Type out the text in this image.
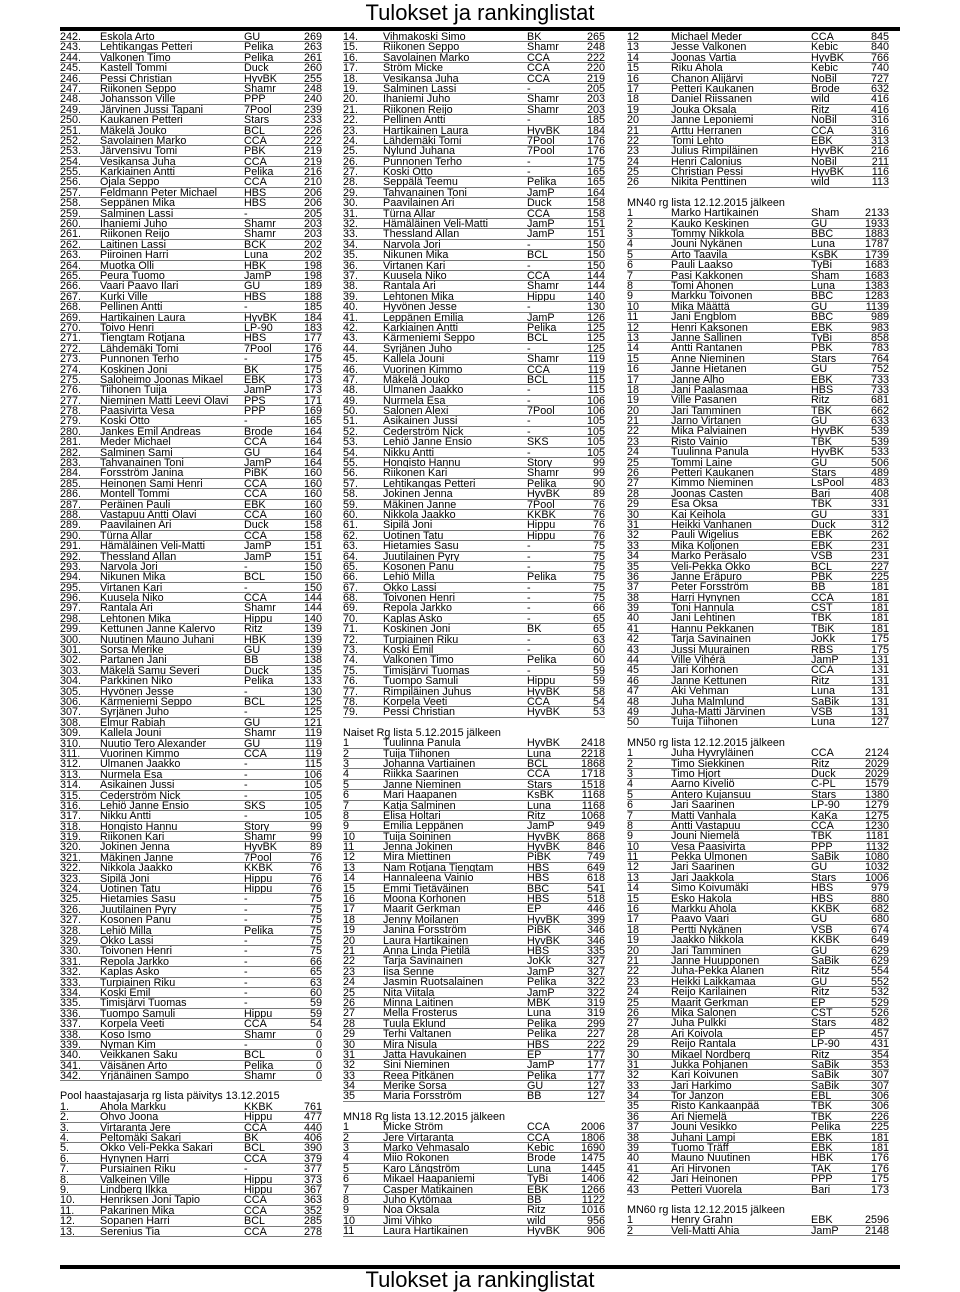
Tulokset ja rankinglistat
242.	Eskola Arto	GU	269
243.	Lehtikangas Petteri	Pelika	263
244.	Valkonen Timo	Pelika	261
245.	Kastell Tommi	Duck	260
246.	Pessi Christian	HyvBK	255
247.	Riikonen Seppo	Shamr	248
248.	Johansson Ville	PPP	240
249.	Järvinen Jussi Tapani	7Pool	239
250.	Kaukanen Petteri	Stars	233
251.	Mäkelä Jouko	BCL	226
252.	Savolainen Marko	CCA	222
253.	Järvensivu Tomi	PBK	219
254.	Vesikansa Juha	CCA	219
255.	Karkiainen Antti	Pelika	216
256.	Ojala Seppo	CCA	210
257.	Feldmann Peter Michael	HBS	206
258.	Seppänen Mika	HBS	206
259.	Salminen Lassi	-	205
260.	Ihaniemi Juho	Shamr	203
261.	Riikonen Reijo	Shamr	203
262.	Laitinen Lassi	BCK	202
263.	Piiroinen Harri	Luna	202
264.	Muotka Olli	HBK	198
265.	Peura Tuomo	JamP	198
266.	Vaari Paavo Ilari	GU	189
267.	Kurki Ville	HBS	188
268.	Pellinen Antti	-	185
269.	Hartikainen Laura	HyvBK	184
270.	Toivo Henri	LP-90	183
271.	Tiengtam Rotjana	HBS	177
272.	Lähdemäki Tomi	7Pool	176
273.	Punnonen Terho	-	175
274.	Koskinen Joni	BK	175
275.	Saloheimo Joonas Mikael	EBK	173
276.	Tiihonen Tuija	JamP	173
277.	Nieminen Matti Leevi Olavi	PPS	171
278.	Paasivirta Vesa	PPP	169
279.	Koski Otto	-	165
280.	Jankes Emil Andreas	Brode	164
281.	Meder Michael	CCA	164
282.	Salminen Sami	GU	164
283.	Tahvanainen Toni	JamP	164
284.	Forsström Janina	PiBK	160
285.	Heinonen Sami Henri	CCA	160
286.	Montell Tommi	CCA	160
287.	Peräinen Pauli	EBK	160
288.	Vastapuu Antti Olavi	CCA	160
289.	Paavilainen Ari	Duck	158
290.	Türna Allar	CCA	158
291.	Hämäläinen Veli-Matti	JamP	151
292.	Thessland Allan	JamP	151
293.	Narvola Jori	-	150
294.	Nikunen Mika	BCL	150
295.	Virtanen Kari	-	150
296.	Kuusela Niko	CCA	144
297.	Rantala Ari	Shamr	144
298.	Lehtonen Mika	Hippu	140
299.	Kettunen Janne Kalervo	Ritz	139
300.	Nuutinen Mauno Juhani	HBK	139
301.	Sorsa Merike	GU	139
302.	Partanen Jani	BB	138
303.	Mäkelä Samu Severi	Duck	135
304.	Parkkinen Niko	Pelika	133
305.	Hyvönen Jesse	-	130
306.	Kärmeniemi Seppo	BCL	125
307.	Syrjänen Juho	-	125
308.	Elmur Rabiah	GU	121
309.	Kallela Jouni	Shamr	119
310.	Nuutio Tero Alexander	GU	119
311.	Vuorinen Kimmo	CCA	119
312.	Ulmanen Jaakko	-	115
313.	Nurmela Esa	-	106
314.	Asikainen Jussi	-	105
315.	Cederström Nick	-	105
316.	Lehiö Janne Ensio	SKS	105
317.	Nikku Antti	-	105
318.	Hongisto Hannu	Story	99
319.	Riikonen Kari	Shamr	99
320.	Jokinen Jenna	HyvBK	89
321.	Mäkinen Janne	7Pool	76
322.	Nikkola Jaakko	KKBK	76
323.	Sipilä Joni	Hippu	76
324.	Uotinen Tatu	Hippu	76
325.	Hietamies Sasu	-	75
326.	Juutilainen Pyry	-	75
327.	Kosonen Panu	-	75
328.	Lehiö Milla	Pelika	75
329.	Okko Lassi	-	75
330.	Toivonen Henri	-	75
331.	Repola Jarkko	-	66
332.	Kaplas Asko	-	65
333.	Turpiainen Riku	-	63
334.	Koski Emil	-	60
335.	Timisjärvi Tuomas	-	59
336.	Tuompo Samuli	Hippu	59
337.	Korpela Veeti	CCA	54
338.	Koso Ismo	Shamr	0
339.	Nyman Kim	-	0
340.	Veikkanen Saku	BCL	0
341.	Väisänen Arto	Pelika	0
342.	Yrjänäinen Sampo	Shamr	0
Pool haastajasarja rg lista päivitys 13.12.2015
1.	Ahola Markku	KKBK	761
2.	Ohvo Joona	Hippu	477
3.	Virtaranta Jere	CCA	440
4.	Peltomäki Sakari	BK	406
5.	Okko Veli-Pekka Sakari	BCL	390
6.	Hynynen Harri	CCA	379
7.	Pursiainen Riku	-	377
8.	Valkeinen Ville	Hippu	373
9.	Lindberg Ilkka	Hippu	367
10.	Henriksen Joni Tapio	CCA	363
11.	Pakarinen Mika	CCA	352
12.	Sopanen Harri	BCL	285
13.	Serenius Tia	CCA	278
14.	Vihmakoski Simo	BK	265
15.	Riikonen Seppo	Shamr	248
16.	Savolainen Marko	CCA	222
17.	Ström Micke	CCA	220
18.	Vesikansa Juha	CCA	219
19.	Salminen Lassi	-	205
20.	Ihaniemi Juho	Shamr	203
21.	Riikonen Reijo	Shamr	203
22.	Pellinen Antti	-	185
23.	Hartikainen Laura	HyvBK	184
24.	Lähdemäki Tomi	7Pool	176
25.	Nylund Juhana	7Pool	176
26.	Punnonen Terho	-	175
27.	Koski Otto	-	165
28.	Seppälä Teemu	Pelika	165
29.	Tahvanainen Toni	JamP	164
30.	Paavilainen Ari	Duck	158
31.	Türna Allar	CCA	158
32.	Hämäläinen Veli-Matti	JamP	151
33.	Thessland Allan	JamP	151
34.	Narvola Jori	-	150
35.	Nikunen Mika	BCL	150
36.	Virtanen Kari	-	150
37.	Kuusela Niko	CCA	144
38.	Rantala Ari	Shamr	144
39.	Lehtonen Mika	Hippu	140
40.	Hyvönen Jesse	-	130
41.	Leppänen Emilia	JamP	126
42.	Karkiainen Antti	Pelika	125
43.	Kärmeniemi Seppo	BCL	125
44.	Syrjänen Juho	-	125
45.	Kallela Jouni	Shamr	119
46.	Vuorinen Kimmo	CCA	119
47.	Mäkelä Jouko	BCL	115
48.	Ulmanen Jaakko	-	115
49.	Nurmela Esa	-	106
50.	Salonen Alexi	7Pool	106
51.	Asikainen Jussi	-	105
52.	Cederström Nick	-	105
53.	Lehiö Janne Ensio	SKS	105
54.	Nikku Antti	-	105
55.	Hongisto Hannu	Story	99
56.	Riikonen Kari	Shamr	99
57.	Lehtikangas Petteri	Pelika	90
58.	Jokinen Jenna	HyvBK	89
59.	Mäkinen Janne	7Pool	76
60.	Nikkola Jaakko	KKBK	76
61.	Sipilä Joni	Hippu	76
62.	Uotinen Tatu	Hippu	76
63.	Hietamies Sasu	-	75
64.	Juutilainen Pyry	-	75
65.	Kosonen Panu	-	75
66.	Lehiö Milla	Pelika	75
67.	Okko Lassi	-	75
68.	Toivonen Henri	-	75
69.	Repola Jarkko	-	66
70.	Kaplas Asko	-	65
71.	Koskinen Joni	BK	65
72.	Turpiainen Riku	-	63
73.	Koski Emil	-	60
74.	Valkonen Timo	Pelika	60
75.	Timisjärvi Tuomas	-	59
76.	Tuompo Samuli	Hippu	59
77.	Rimpiläinen Juhus	HyvBK	58
78.	Korpela Veeti	CCA	54
79.	Pessi Christian	HyvBK	53
Naiset Rg lista 5.12.2015 jälkeen
1	Tuulinna Panula	HyvBK	2418
2	Tuija Tiihonen	Luna	2218
3	Johanna Vartiainen	BCL	1868
4	Riikka Saarinen	CCA	1718
5	Janne Nieminen	Stars	1518
6	Mari Haapanen	KsBK	1168
7	Katja Salminen	Luna	1168
8	Elisa Holtari	Ritz	1068
9	Emilia Leppänen	JamP	949
10	Tuija Soininen	HyvBK	868
11	Jenna Jokinen	HyvBK	846
12	Mira Miettinen	PiBK	749
13	Nam Rotjana Tiengtam	HBS	649
14	Hannaleena Vainio	HBS	618
15	Emmi Tietäväinen	BBC	541
16	Moona Korhonen	HBS	518
17	Maarit Gerkman	EP	446
18	Jenny Moilanen	HyvBK	399
19	Janina Forsström	PiBK	346
20	Laura Hartikainen	HyvBK	346
21	Anna Linda Pietilä	HBS	335
22	Tarja Savinainen	JoKk	327
23	Iisa Senne	JamP	327
24	Jasmin Ruotsalainen	Pelika	322
25	Nita Viitala	JamP	322
26	Minna Laitinen	MBK	319
27	Mella Frosterus	Luna	319
28	Tuula Eklund	Pelika	299
29	Terhi Valtanen	Pelika	227
30	Mira Nisula	HBS	222
31	Jatta Havukainen	EP	177
32	Sini Nieminen	JamP	177
33	Reea Pitkänen	Pelika	177
34	Merike Sorsa	GU	127
35	Maria Forsström	BB	127
MN18 Rg lista 13.12.2015 jälkeen
1	Micke Ström	CCA	2006
2	Jere Virtaranta	CCA	1806
3	Marko Vehmasalo	Kebic	1690
4	Miio Rokonen	Brode	1475
5	Karo Långström	Luna	1445
6	Mikael Haapaniemi	TyBi	1406
7	Casper Matikainen	EBK	1266
8	Juho Kytömaa	BB	1122
9	Noa Oksala	Ritz	1016
10	Jimi Vihko	wild	956
11	Laura Hartikainen	HyvBK	906
12	Michael Meder	CCA	845
13	Jesse Valkonen	Kebic	840
14	Joonas Vartia	HyvBK	766
15	Riku Ahola	Kebic	740
16	Chanon Alijärvi	NoBil	727
17	Petteri Kaukanen	Brode	632
18	Daniel Riissanen	wild	416
19	Jouka Oksala	Ritz	416
20	Janne Leponiemi	NoBil	316
21	Arttu Herranen	CCA	316
22	Tomi Lehto	EBK	313
23	Julius Rimpiläinen	HyvBK	216
24	Henri Calonius	NoBil	211
25	Christian Pessi	HyvBK	116
26	Nikita Penttinen	wild	113
MN40 rg lista 12.12.2015 jälkeen
1	Marko Hartikainen	Sham	2133
2	Kauko Keskinen	GU	1933
3	Tommy Nikkola	BBC	1883
4	Jouni Nykänen	Luna	1787
5	Arto Taavila	KsBK	1739
6	Pauli Laakso	TyBi	1683
7	Pasi Kakkonen	Sham	1683
8	Tomi Ahonen	Luna	1383
9	Markku Toivonen	BBC	1283
10	Mika Määttä	GU	1139
11	Jani Engblom	BBC	989
12	Henri Kaksonen	EBK	983
13	Janne Sallinen	TyBi	858
14	Antti Rantanen	PBK	783
15	Anne Nieminen	Stars	764
16	Janne Hietanen	GU	752
17	Janne Alho	EBK	733
18	Jani Paalasmaa	HBS	733
19	Ville Pasanen	Ritz	681
20	Jari Tamminen	TBK	662
21	Jarno Virtanen	GU	633
22	Mika Palviainen	HyvBK	539
23	Risto Vainio	TBK	539
24	Tuulinna Panula	HyvBK	533
25	Tommi Laine	GU	506
26	Petteri Kaukanen	Stars	489
27	Kimmo Nieminen	LsPool	483
28	Joonas Casten	Bari	408
29	Esa Oksa	TBK	331
30	Kai Keihola	GU	331
31	Heikki Vanhanen	Duck	312
32	Pauli Wigelius	EBK	262
33	Mika Koljonen	EBK	231
34	Marko Peräsalo	VSB	231
35	Veli-Pekka Okko	BCL	227
36	Janne Eräpuro	PBK	225
37	Peter Forsström	BB	181
38	Harri Hynynen	CCA	181
39	Toni Hannula	CST	181
40	Jani Lehtinen	TBK	181
41	Hannu Pekkanen	TBiK	181
42	Tarja Savinainen	JoKk	175
43	Jussi Muurainen	RBS	175
44	Ville Vihérä	JamP	131
45	Jari Korhonen	CCA	131
46	Janne Kettunen	Ritz	131
47	Aki Vehman	Luna	131
48	Juha Malmlund	SaBik	131
49	Juha-Matti Järvinen	VSB	131
50	Tuija Tiihonen	Luna	127
MN50 rg lista 12.12.2015 jälkeen
1	Juha Hyvryläinen	CCA	2124
2	Timo Siekkinen	Ritz	2029
3	Timo Hjort	Duck	2029
4	Aarno Kiveliö	C-PL	1579
5	Antero Kujansuu	Stars	1380
6	Jari Saarinen	LP-90	1279
7	Matti Vanhala	KaKa	1275
8	Antti Vastapuu	CCA	1230
9	Jouni Niemelä	TBK	1181
10	Vesa Paasivirta	PPP	1132
11	Pekka Ulmonen	SaBik	1080
12	Jari Saarinen	GU	1032
13	Jari Jaakkola	Stars	1006
14	Simo Koivumäki	HBS	979
15	Esko Hakola	HBS	880
16	Markku Ahola	KKBK	682
17	Paavo Vaari	GU	680
18	Pertti Nykänen	VSB	674
19	Jaakko Nikkola	KKBK	649
20	Jari Tamminen	GU	629
21	Janne Huupponen	SaBik	629
22	Juha-Pekka Alanen	Ritz	554
23	Heikki Laikkamaa	GU	552
24	Reijo Karilainen	Ritz	532
25	Maarit Gerkman	EP	529
26	Mika Salonen	CST	526
27	Juha Pulkki	Stars	482
28	Ari Koivola	EP	457
29	Reijo Rantala	LP-90	431
30	Mikael Nordberg	Ritz	354
31	Jukka Pohjanen	SaBik	353
32	Kari Koivunen	SaBik	307
33	Jari Harkimo	SaBik	307
34	Tor Janzon	EBL	306
35	Risto Kankaanpää	TBK	306
36	Ari Niemelä	TBK	226
37	Jouni Vesikko	Pelika	225
38	Juhani Lampi	EBK	181
39	Tuomo Träff	EBK	181
40	Mauno Nuutinen	HBK	176
41	Ari Hirvonen	TAK	176
42	Jari Heinonen	PPP	175
43	Petteri Vuorela	Bari	173
MN60 rg lista 12.12.2015 jälkeen
1	Henry Grahn	EBK	2596
2	Veli-Matti Ahia	JamP	2148
Tulokset ja rankinglistat
